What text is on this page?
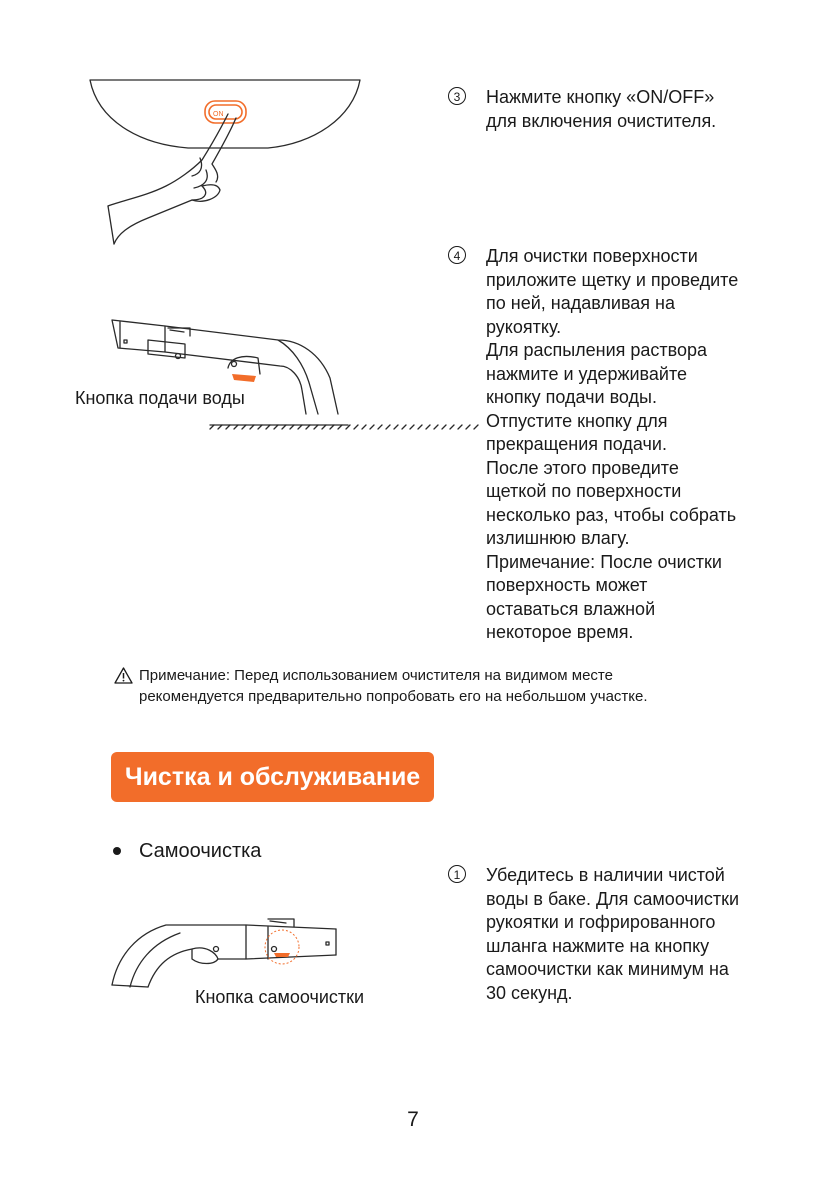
ON
3	Нажмите кнопку «ON/OFF»
для включения очистителя.
Кнопка подачи воды
4	Для очистки поверхности
приложите щетку и проведите
по ней, надавливая на
рукоятку.
Для распыления раствора
нажмите и удерживайте
кнопку подачи воды.
Отпустите кнопку для
прекращения подачи.
После этого проведите
щеткой по поверхности
несколько раз, чтобы собрать
излишнюю влагу.
Примечание: После очистки
поверхность может
оставаться влажной
некоторое время.
Примечание: Перед использованием очистителя на видимом месте
рекомендуется предварительно попробовать его на небольшом участке.
Чистка и обслуживание
Самоочистка
Кнопка самоочистки
1	Убедитесь в наличии чистой
воды в баке. Для самоочистки
рукоятки и гофрированного
шланга нажмите на кнопку
самоочистки как минимум на
30 секунд.
7
